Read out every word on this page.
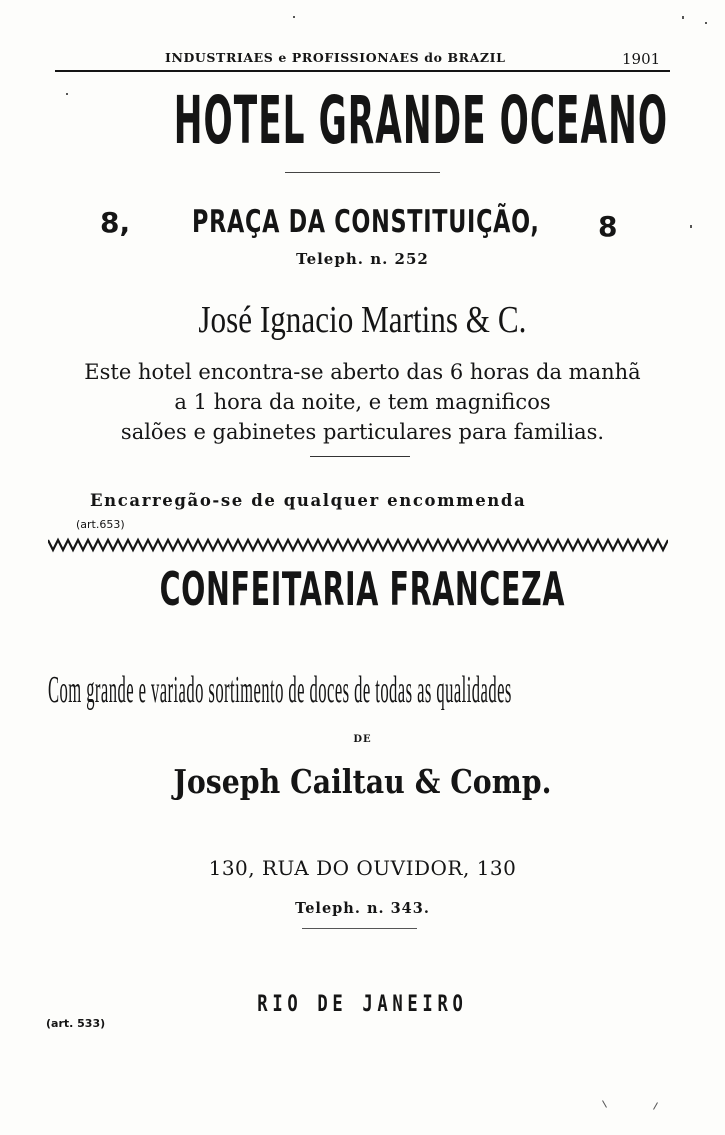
INDUSTRIAES e PROFISSIONAES do BRAZIL	1901
HOTEL GRANDE OCEANO
8, PRAÇA DA CONSTITUIÇÃO, 8
Teleph. n. 252
José Ignacio Martins & C.
Este hotel encontra-se aberto das 6 horas da manhã
a 1 hora da noite, e tem magnificos
salões e gabinetes particulares para familias.
Encarregão-se de qualquer encommenda
(art.653)
CONFEITARIA FRANCEZA
Com grande e variado sortimento de doces de todas as qualidades
DE
Joseph Cailtau & Comp.
130, RUA DO OUVIDOR, 130
Teleph. n. 343.
RIO DE JANEIRO
(art. 533)
